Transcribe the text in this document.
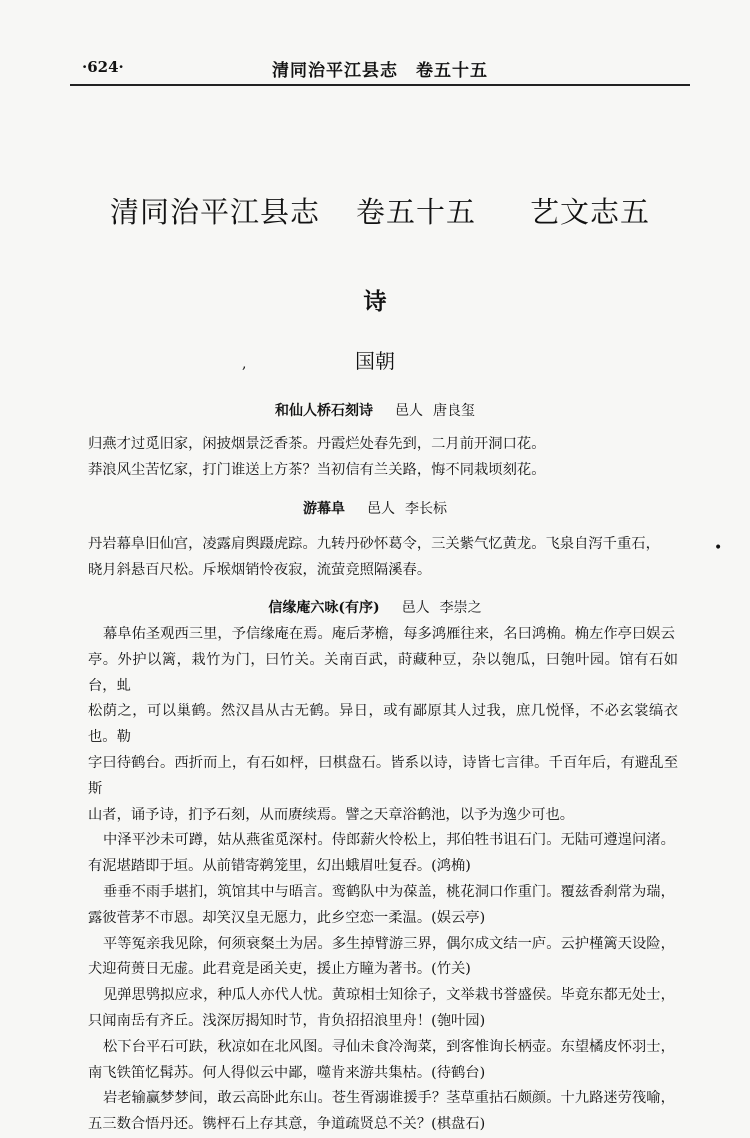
·624·	清同治平江县志　卷五十五
清同治平江县志 卷五十五 艺文志五
诗
国朝
,
和仙人桥石刻诗 邑人 唐良玺

归燕才过觅旧家，闲披烟景泛香茶。丹霞烂处春先到，二月前开洞口花。

莽浪风尘苦忆家，打门谁送上方茶？当初信有兰关路，悔不同栽顷刻花。

游幕阜 邑人 李长标

丹岩幕阜旧仙宫，凌露肩舆蹑虎踪。九转丹砂怀葛令，三关紫气忆黄龙。飞泉自泻千重石，

晓月斜悬百尺松。斥堠烟销怜夜寂，流萤竞照隔溪春。

•
信缘庵六咏(有序) 邑人 李崇之

幕阜佑圣观西三里，予信缘庵在焉。庵后茅檐，每多鸿雁往来，名曰鸿桷。桷左作亭曰娱云

亭。外护以篱，栽竹为门，曰竹关。关南百武，莳藏种豆，杂以匏瓜，曰匏叶园。馆有石如台，虬

松荫之，可以巢鹤。然汉昌从古无鹤。异日，或有鄙原其人过我，庶几悦怿，不必玄裳缟衣也。勒

字曰待鹤台。西折而上，有石如枰，曰棋盘石。皆系以诗，诗皆七言律。千百年后，有避乱至斯

山者，诵予诗，扪予石刻，从而赓续焉。譬之天章浴鹤池，以予为逸少可也。

中泽平沙未可蹲，姑从燕雀觅深村。侍郎薪火怜松上，邦伯牲书诅石门。无陆可遵遑问渚。

有泥堪踏即于垣。从前错寄鹈笼里，幻出蛾眉吐复吞。(鸿桷)

垂垂不雨手堪扪，筑馆其中与晤言。鸾鹤队中为葆盖，桃花洞口作重门。覆兹香刹常为瑞，

露彼菅茅不市恩。却笑汉皇无愿力，此乡空恋一柔温。(娱云亭)

平等冤亲我见除，何须衰粲土为居。多生掉臂游三界，偶尔成文结一庐。云护槿篱天设险，

犬迎荷蒉日无虚。此君竟是函关吏，援止方瞳为著书。(竹关)

见弹思鸮拟应求，种瓜人亦代人忧。黄琼相士知徐子，文举栽书誉盛侯。毕竟东都无处士，

只闻南岳有齐丘。浅深厉揭知时节，肯负招招浪里舟！(匏叶园)

松下台平石可趺，秋凉如在北风图。寻仙未食冷淘菜，到客惟询长柄壶。东望橘皮怀羽士，

南飞铁笛忆髯苏。何人得似云中鄙，噬肯来游共集枯。(待鹤台)

岩老输赢梦梦间，敢云高卧此东山。苍生胥溺谁援手？茎草重拈石颇颜。十九路迷劳筏喻，

五三数合悟丹还。镌枰石上存其意，争道疏贤总不关？(棋盘石)
